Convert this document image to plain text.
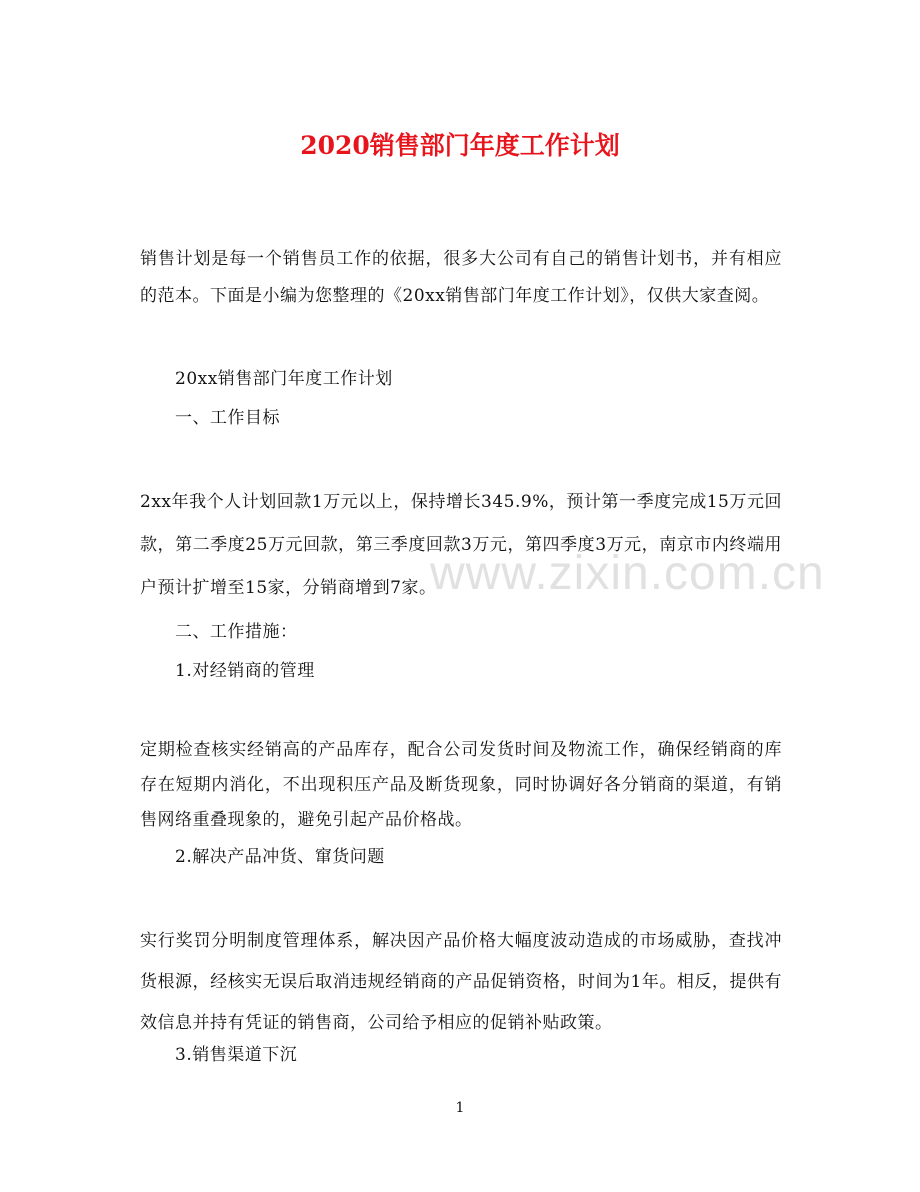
2020销售部门年度工作计划

销售计划是每一个销售员工作的依据，很多大公司有自己的销售计划书，并有相应的范本。下面是小编为您整理的《20xx销售部门年度工作计划》，仅供大家查阅。

20xx销售部门年度工作计划

一、工作目标

2xx年我个人计划回款1万元以上，保持增长345.9%，预计第一季度完成15万元回款，第二季度25万元回款，第三季度回款3万元，第四季度3万元，南京市内终端用户预计扩增至15家，分销商增到7家。

二、工作措施：

1.对经销商的管理

定期检查核实经销高的产品库存，配合公司发货时间及物流工作，确保经销商的库存在短期内消化，不出现积压产品及断货现象，同时协调好各分销商的渠道，有销售网络重叠现象的，避免引起产品价格战。

2.解决产品冲货、窜货问题

实行奖罚分明制度管理体系，解决因产品价格大幅度波动造成的市场威胁，查找冲货根源，经核实无误后取消违规经销商的产品促销资格，时间为1年。相反，提供有效信息并持有凭证的销售商，公司给予相应的促销补贴政策。

3.销售渠道下沉

www.zixin.com.cn

1
